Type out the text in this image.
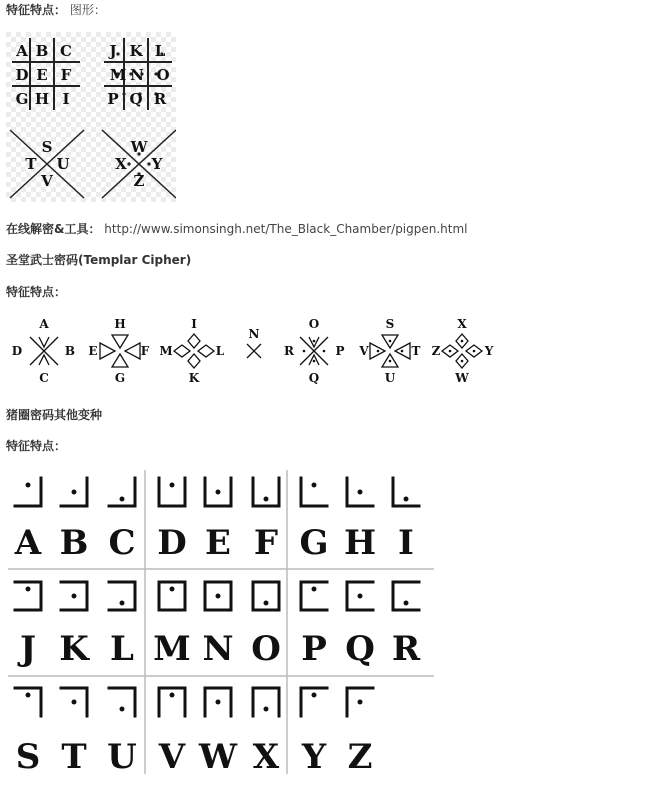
特征特点： 图形：
A B C
D E F
G H I
J K L
M N O
P Q R
S
T U
V
W
X Y
Z
在线解密&工具： http://www.simonsingh.net/The_Black_Chamber/pigpen.html
圣堂武士密码(Templar Cipher)
特征特点：
A
D	B
C
H
E	F
G
I
M	L
K
N
O
R	P
Q
S
V	T
U
X
Z	Y
W
猪圈密码其他变种
特征特点：
A B C D E F G H I
J K L M N O P Q R
S T U V W X Y Z
